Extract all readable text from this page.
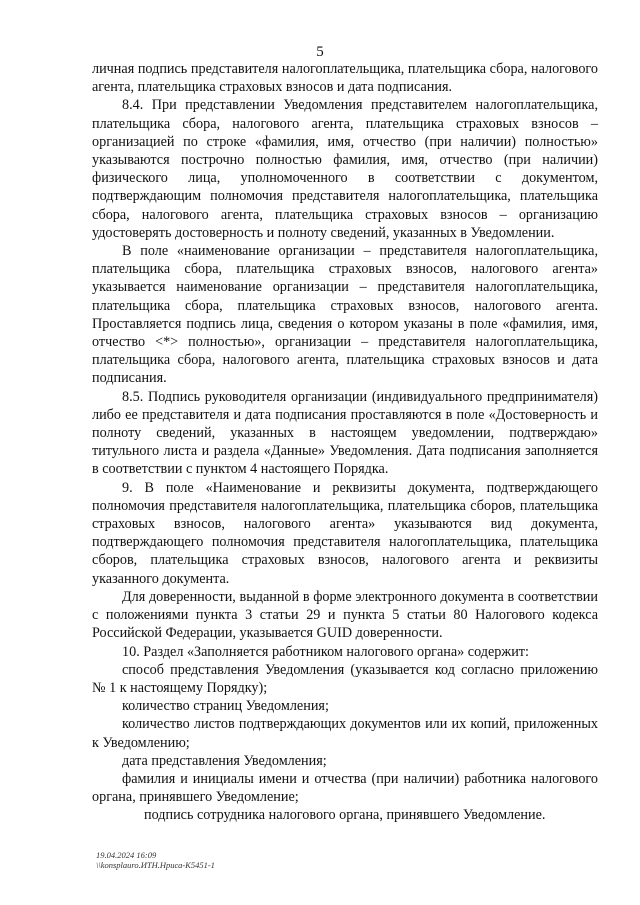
5

личная подпись представителя налогоплательщика, плательщика сбора, налогового агента, плательщика страховых взносов и дата подписания.

8.4. При представлении Уведомления представителем налогоплательщика, плательщика сбора, налогового агента, плательщика страховых взносов – организацией по строке «фамилия, имя, отчество (при наличии) полностью» указываются построчно полностью фамилия, имя, отчество (при наличии) физического лица, уполномоченного в соответствии с документом, подтверждающим полномочия представителя налогоплательщика, плательщика сбора, налогового агента, плательщика страховых взносов – организацию удостоверять достоверность и полноту сведений, указанных в Уведомлении.

В поле «наименование организации – представителя налогоплательщика, плательщика сбора, плательщика страховых взносов, налогового агента» указывается наименование организации – представителя налогоплательщика, плательщика сбора, плательщика страховых взносов, налогового агента. Проставляется подпись лица, сведения о котором указаны в поле «фамилия, имя, отчество <*> полностью», организации – представителя налогоплательщика, плательщика сбора, налогового агента, плательщика страховых взносов и дата подписания.

8.5. Подпись руководителя организации (индивидуального предпринимателя) либо ее представителя и дата подписания проставляются в поле «Достоверность и полноту сведений, указанных в настоящем уведомлении, подтверждаю» титульного листа и раздела «Данные» Уведомления. Дата подписания заполняется в соответствии с пунктом 4 настоящего Порядка.

9. В поле «Наименование и реквизиты документа, подтверждающего полномочия представителя налогоплательщика, плательщика сборов, плательщика страховых взносов, налогового агента» указываются вид документа, подтверждающего полномочия представителя налогоплательщика, плательщика сборов, плательщика страховых взносов, налогового агента и реквизиты указанного документа.

Для доверенности, выданной в форме электронного документа в соответствии с положениями пункта 3 статьи 29 и пункта 5 статьи 80 Налогового кодекса Российской Федерации, указывается GUID доверенности.

10. Раздел «Заполняется работником налогового органа» содержит:

способ представления Уведомления (указывается код согласно приложению № 1 к настоящему Порядку);

количество страниц Уведомления;

количество листов подтверждающих документов или их копий, приложенных к Уведомлению;

дата представления Уведомления;

фамилия и инициалы имени и отчества (при наличии) работника налогового органа, принявшего Уведомление;

подпись сотрудника налогового органа, принявшего Уведомление.

19.04.2024 16:09
\\konsplauro.ИТН.Нриса-К5451-1
